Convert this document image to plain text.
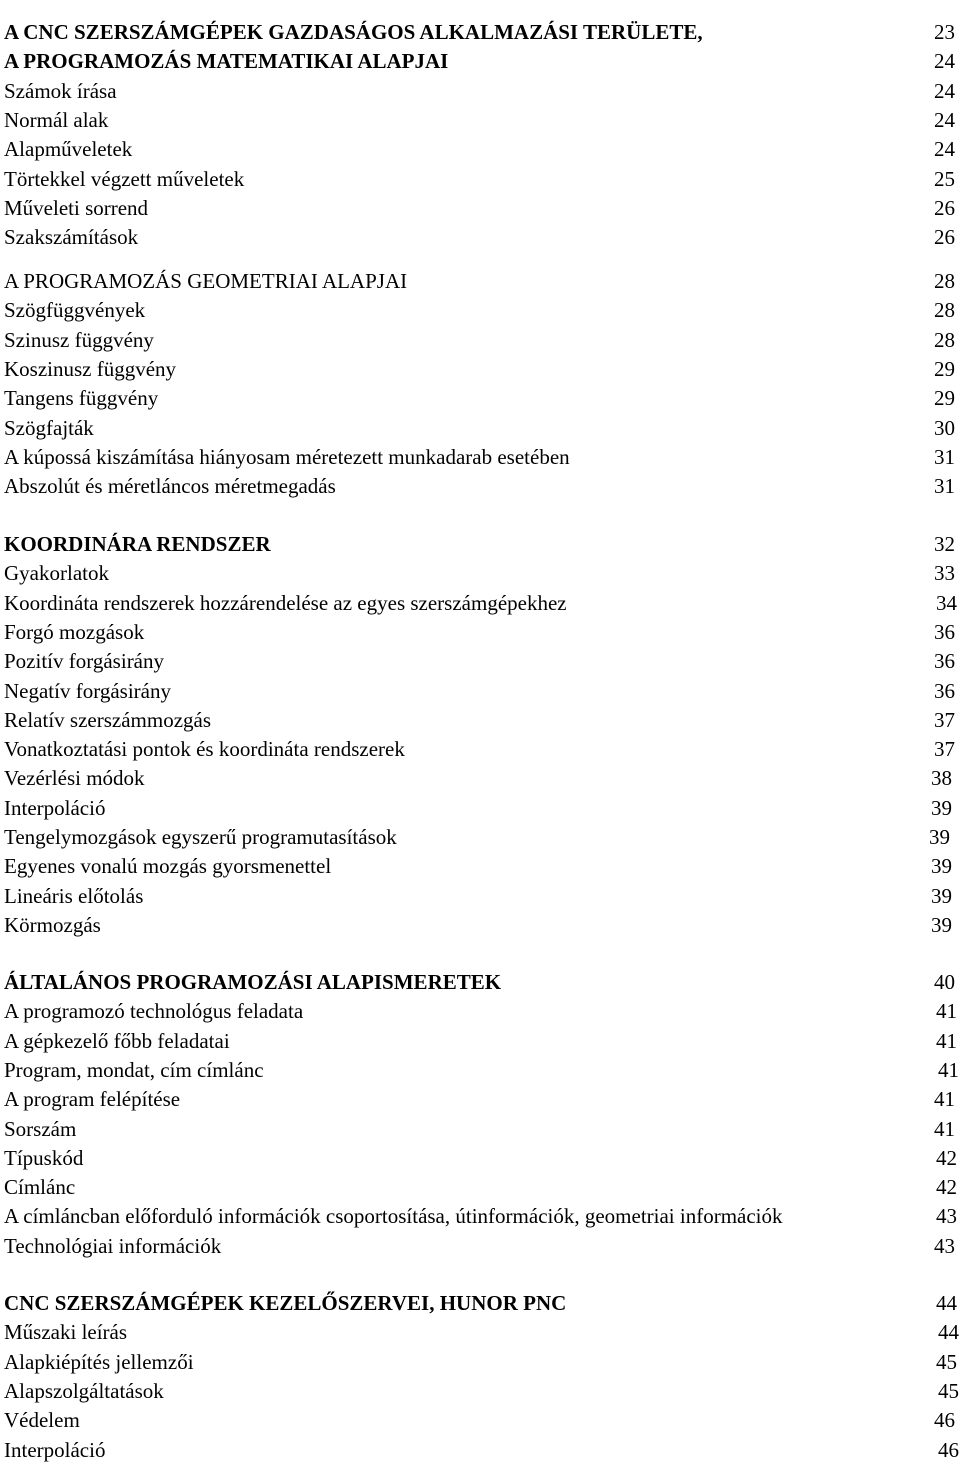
A CNC SZERSZÁMGÉPEK GAZDASÁGOS ALKALMAZÁSI TERÜLETE,	23
A PROGRAMOZÁS MATEMATIKAI ALAPJAI	24
Számok írása	24
Normál alak	24
Alapműveletek	24
Törtekkel végzett műveletek	25
Műveleti sorrend	26
Szakszámítások	26
A PROGRAMOZÁS GEOMETRIAI ALAPJAI	28
Szögfüggvények	28
Szinusz függvény	28
Koszinusz függvény	29
Tangens függvény	29
Szögfajták	30
A kúpossá kiszámítása hiányosam méretezett munkadarab esetében	31
Abszolút és méretláncos méretmegadás	31
KOORDINÁRA RENDSZER	32
Gyakorlatok	33
Koordináta rendszerek hozzárendelése az egyes szerszámgépekhez	34
Forgó mozgások	36
Pozitív forgásirány	36
Negatív forgásirány	36
Relatív szerszámmozgás	37
Vonatkoztatási pontok és koordináta rendszerek	37
Vezérlési módok	38
Interpoláció	39
Tengelymozgások egyszerű programutasítások	39
Egyenes vonalú mozgás gyorsmenettel	39
Lineáris előtolás	39
Körmozgás	39
ÁLTALÁNOS PROGRAMOZÁSI ALAPISMERETEK	40
A programozó technológus feladata	41
A gépkezelő főbb feladatai	41
Program, mondat, cím címlánc	41
A program felépítése	41
Sorszám	41
Típuskód	42
Címlánc	42
A címláncban előforduló információk csoportosítása, útinformációk, geometriai információk	43
Technológiai információk	43
CNC SZERSZÁMGÉPEK KEZELŐSZERVEI, HUNOR PNC	44
Műszaki leírás	44
Alapkiépítés jellemzői	45
Alapszolgáltatások	45
Védelem	46
Interpoláció	46
